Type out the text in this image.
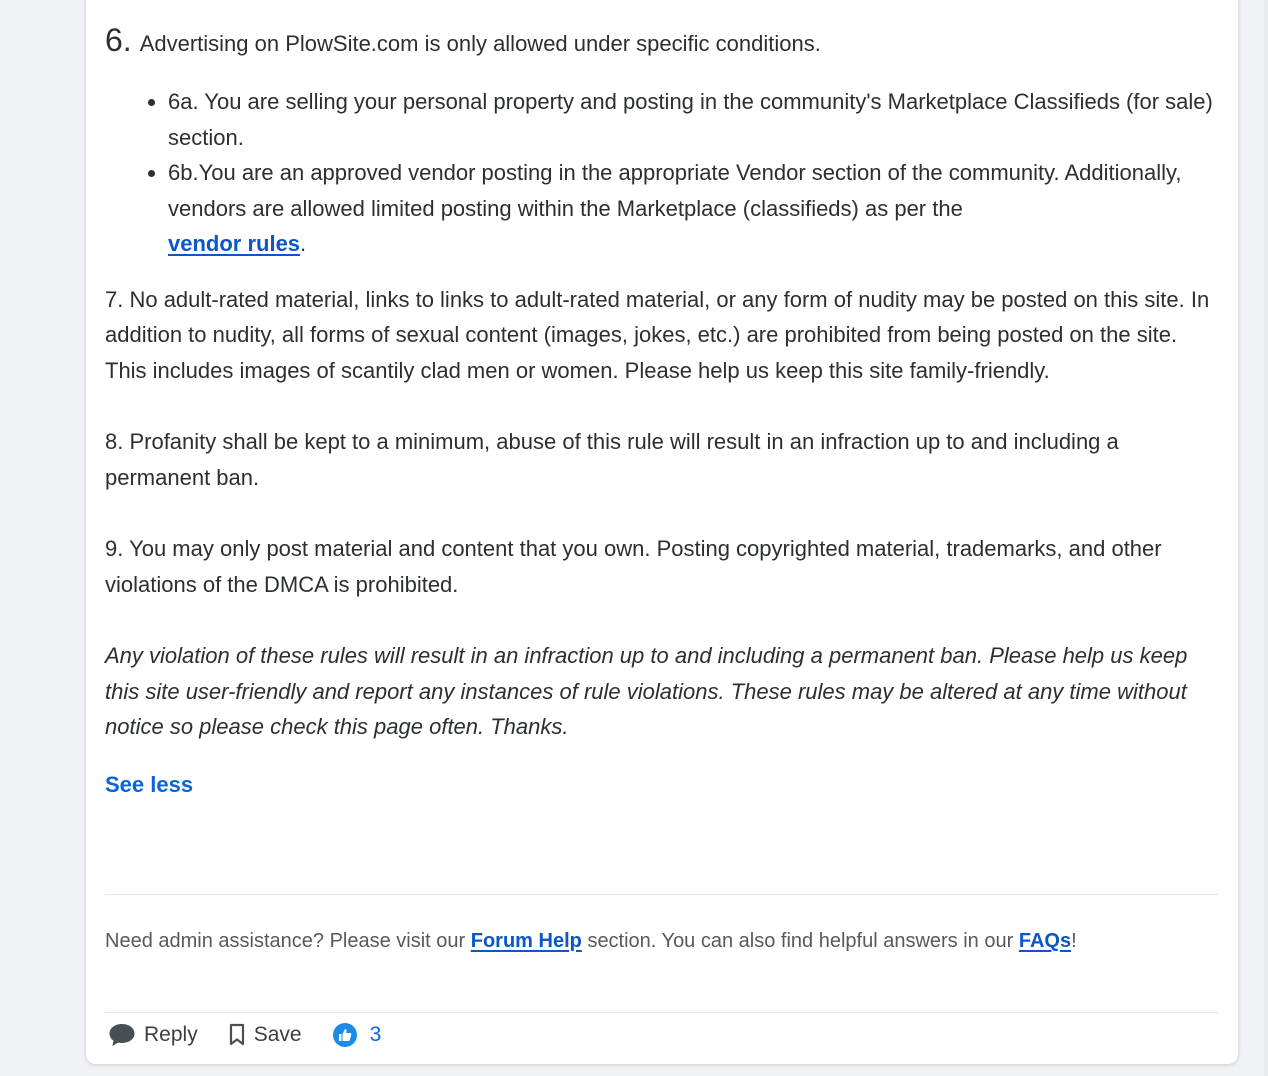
6. Advertising on PlowSite.com is only allowed under specific conditions.

• 6a. You are selling your personal property and posting in the community's Marketplace Classifieds (for sale) section.
• 6b.You are an approved vendor posting in the appropriate Vendor section of the community. Additionally, vendors are allowed limited posting within the Marketplace (classifieds) as per the
vendor rules.

7. No adult-rated material, links to links to adult-rated material, or any form of nudity may be posted on this site. In addition to nudity, all forms of sexual content (images, jokes, etc.) are prohibited from being posted on the site. This includes images of scantily clad men or women. Please help us keep this site family-friendly.

8. Profanity shall be kept to a minimum, abuse of this rule will result in an infraction up to and including a permanent ban.

9. You may only post material and content that you own. Posting copyrighted material, trademarks, and other violations of the DMCA is prohibited.

Any violation of these rules will result in an infraction up to and including a permanent ban. Please help us keep this site user-friendly and report any instances of rule violations. These rules may be altered at any time without notice so please check this page often. Thanks.

See less
Need admin assistance? Please visit our Forum Help section. You can also find helpful answers in our FAQs!
Reply	Save	3
